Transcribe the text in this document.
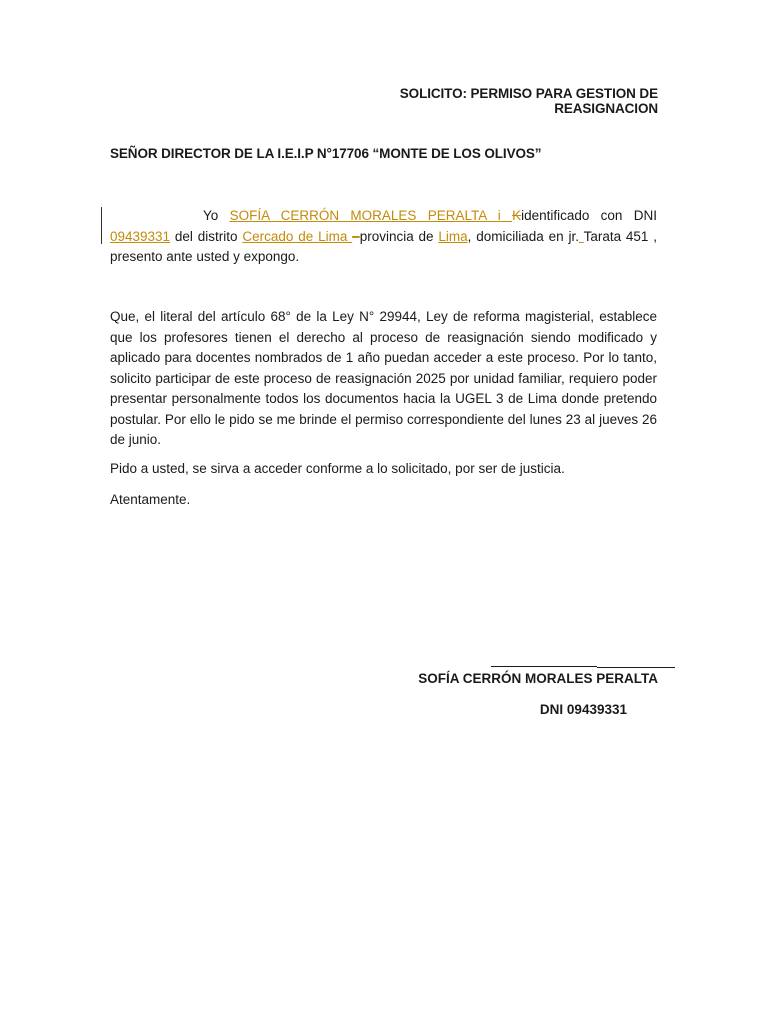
SOLICITO: PERMISO PARA GESTION DE REASIGNACION
SEÑOR DIRECTOR DE LA I.E.I.P N°17706 “MONTE DE LOS OLIVOS”
Yo SOFÍA CERRÓN MORALES PERALTA i Kidentificado con DNI 09439331 del distrito Cercado de Lima –provincia de Lima, domiciliada en jr. Tarata 451 , presento ante usted y expongo.
Que, el literal del artículo 68° de la Ley N° 29944, Ley de reforma magisterial, establece que los profesores tienen el derecho al proceso de reasignación siendo modificado y aplicado para docentes nombrados de 1 año puedan acceder a este proceso. Por lo tanto, solicito participar de este proceso de reasignación 2025 por unidad familiar, requiero poder presentar personalmente todos los documentos hacia la UGEL 3 de Lima donde pretendo postular. Por ello le pido se me brinde el permiso correspondiente del lunes 23 al jueves 26 de junio.
Pido a usted, se sirva a acceder conforme a lo solicitado, por ser de justicia.
Atentamente.
SOFÍA CERRÓN MORALES PERALTA
DNI 09439331
